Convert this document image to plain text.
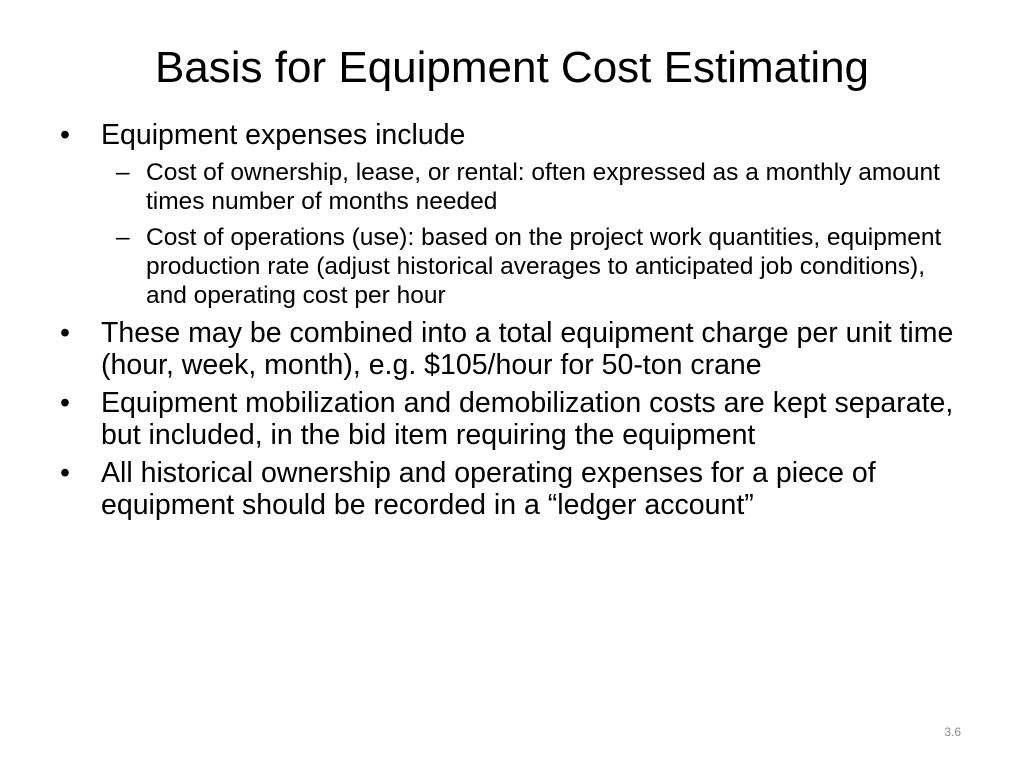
Basis for Equipment Cost Estimating
• Equipment expenses include
– Cost of ownership, lease, or rental: often expressed as a monthly amount times number of months needed
– Cost of operations (use): based on the project work quantities, equipment production rate (adjust historical averages to anticipated job conditions), and operating cost per hour
• These may be combined into a total equipment charge per unit time (hour, week, month), e.g. $105/hour for 50-ton crane
• Equipment mobilization and demobilization costs are kept separate, but included, in the bid item requiring the equipment
• All historical ownership and operating expenses for a piece of equipment should be recorded in a “ledger account”
3.6
